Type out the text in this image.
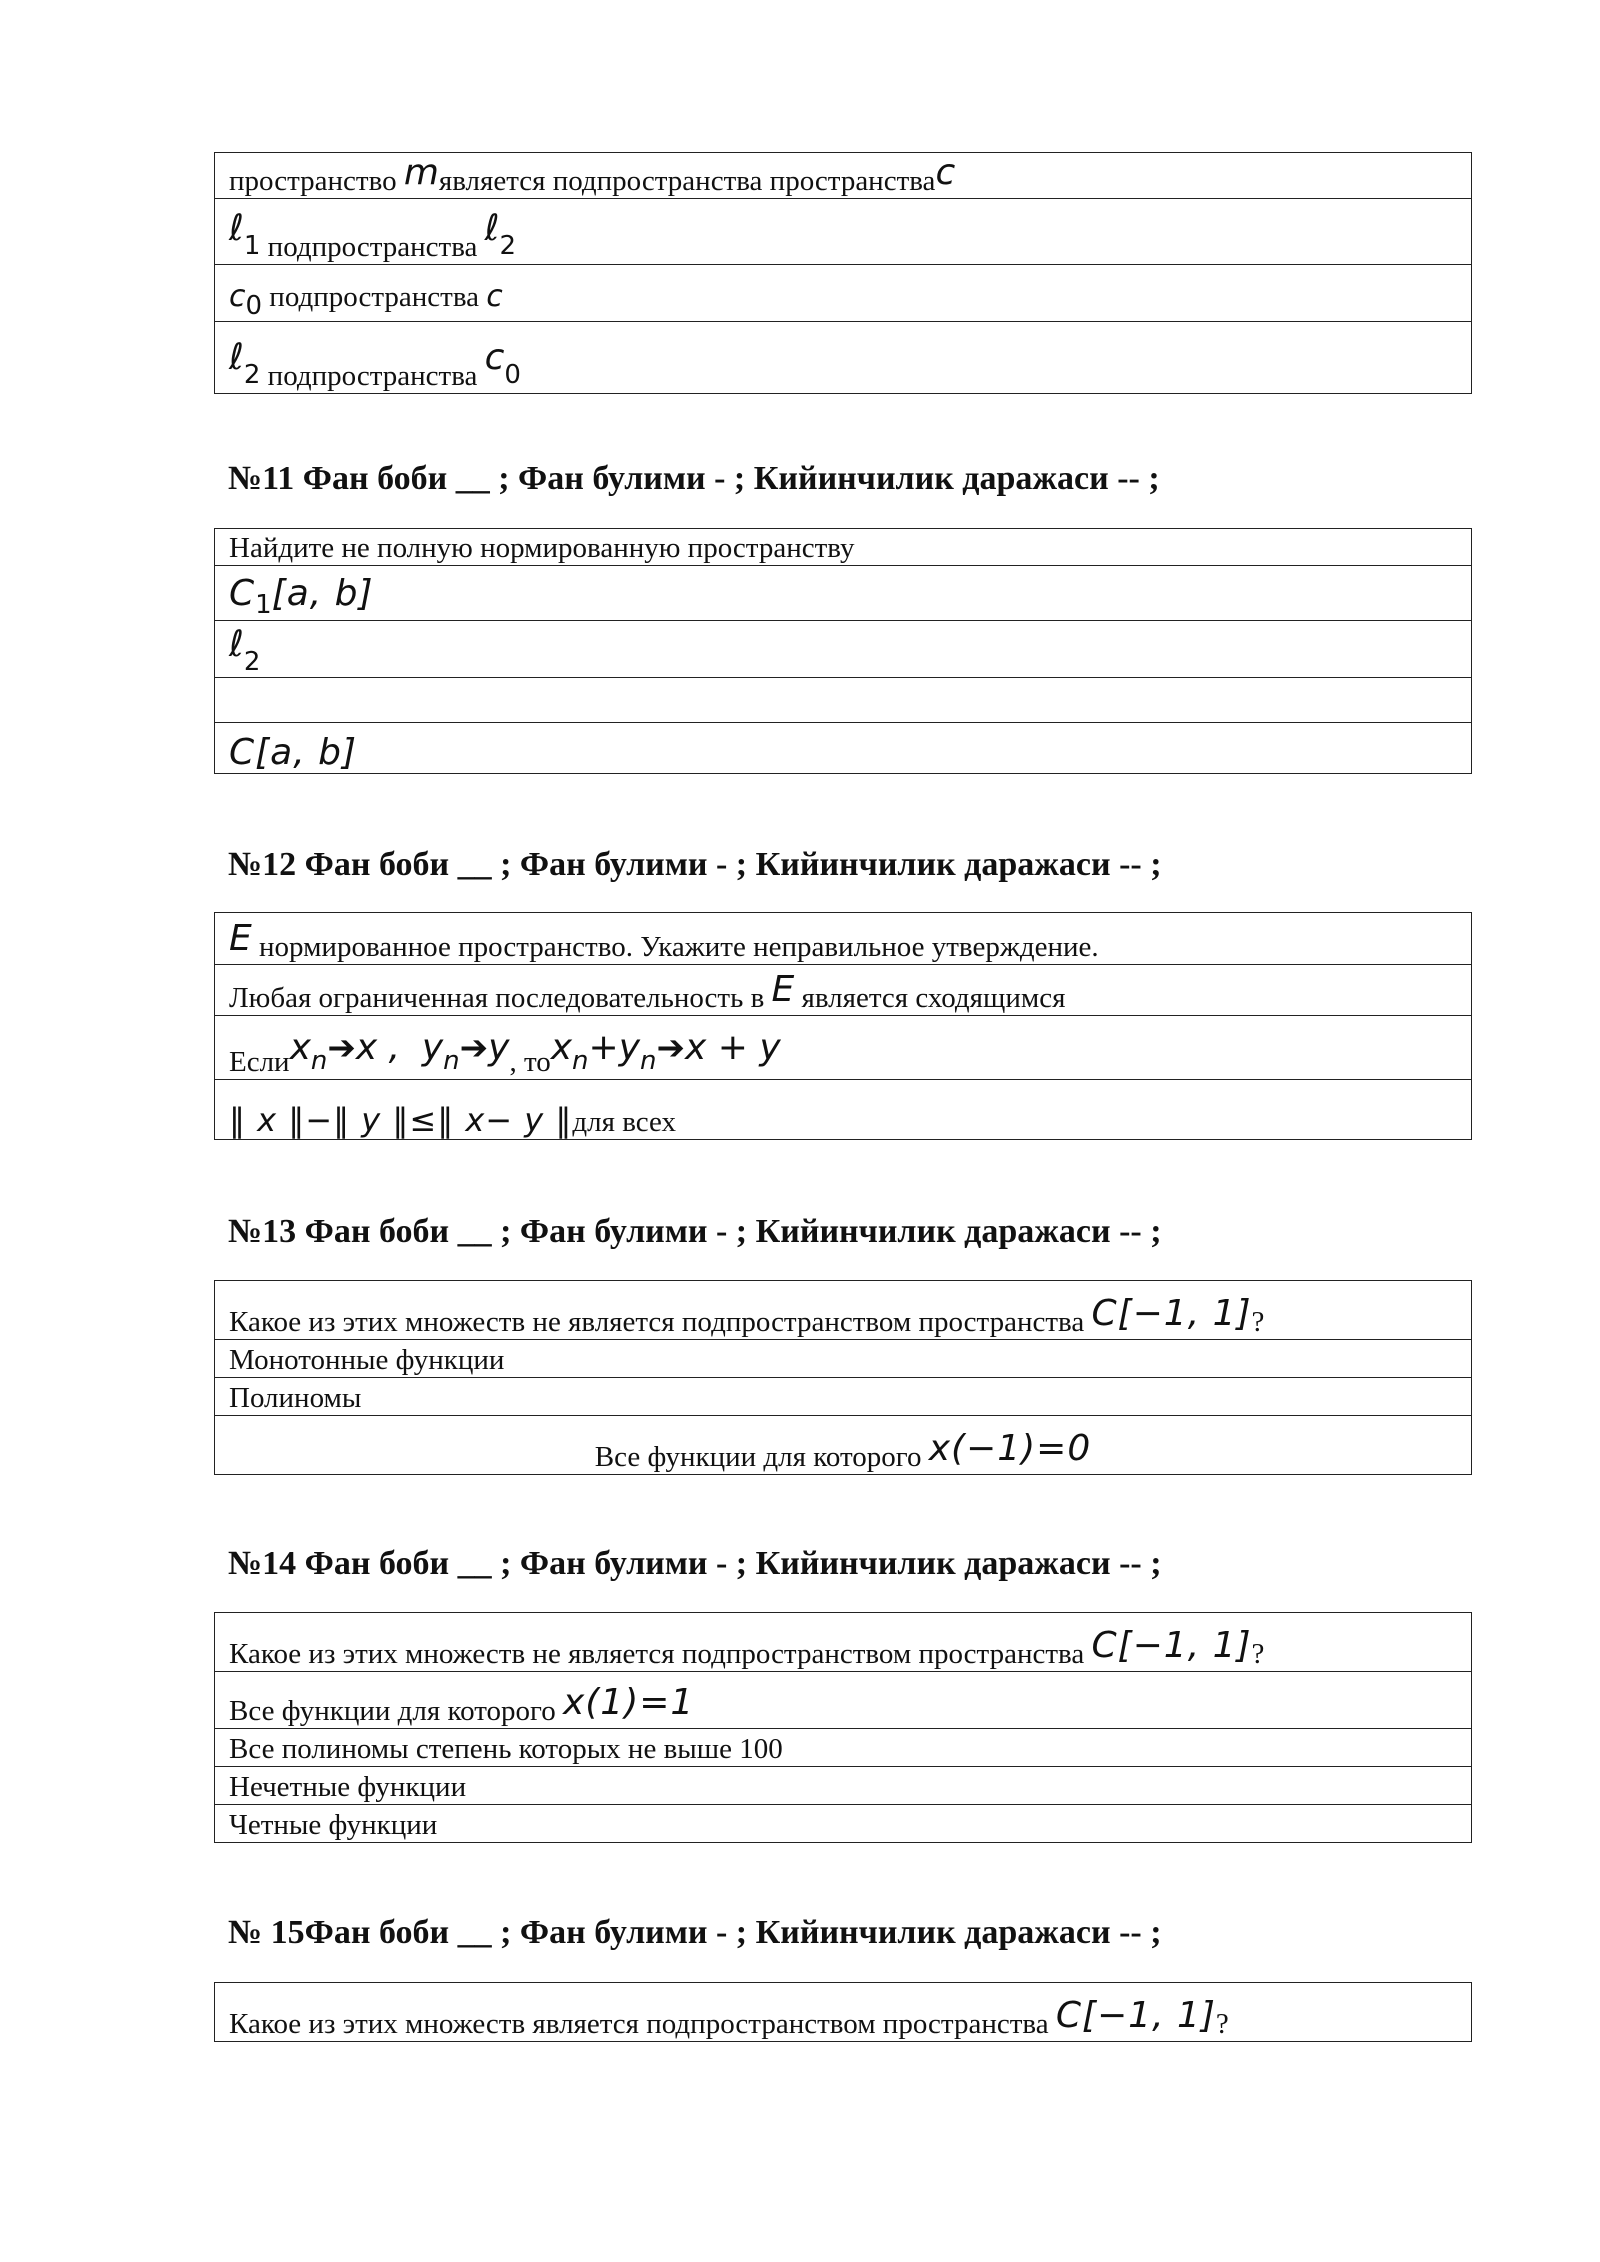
пространство mявляется подпространства пространстваc
ℓ1 подпространства ℓ2
c0 подпространства c
ℓ2 подпространства c0
№11 Фан боби __ ; Фан булими - ; Кийинчилик даражаси -- ;
Найдите не полную нормированную пространству
C1[a, b]
ℓ2

C[a, b]
№12 Фан боби __ ; Фан булими - ; Кийинчилик даражаси -- ;
E нормированное пространство. Укажите неправильное утверждение.
Любая ограниченная последовательность в E является сходящимся
Еслиxn➔x , yn➔y, тоxn+yn➔x + y
‖ x ‖−‖ y ‖≤‖ x− y ‖для всех
№13 Фан боби __ ; Фан булими - ; Кийинчилик даражаси -- ;
Какое из этих множеств не является подпространством пространства C[−1, 1]?
Монотонные функции
Полиномы
Все функции для которого x(−1)=0
№14 Фан боби __ ; Фан булими - ; Кийинчилик даражаси -- ;
Какое из этих множеств не является подпространством пространства C[−1, 1]?
Все функции для которого x(1)=1
Все полиномы степень которых не выше 100
Нечетные функции
Четные функции
№ 15Фан боби __ ; Фан булими - ; Кийинчилик даражаси -- ;
Какое из этих множеств является подпространством пространства C[−1, 1]?
